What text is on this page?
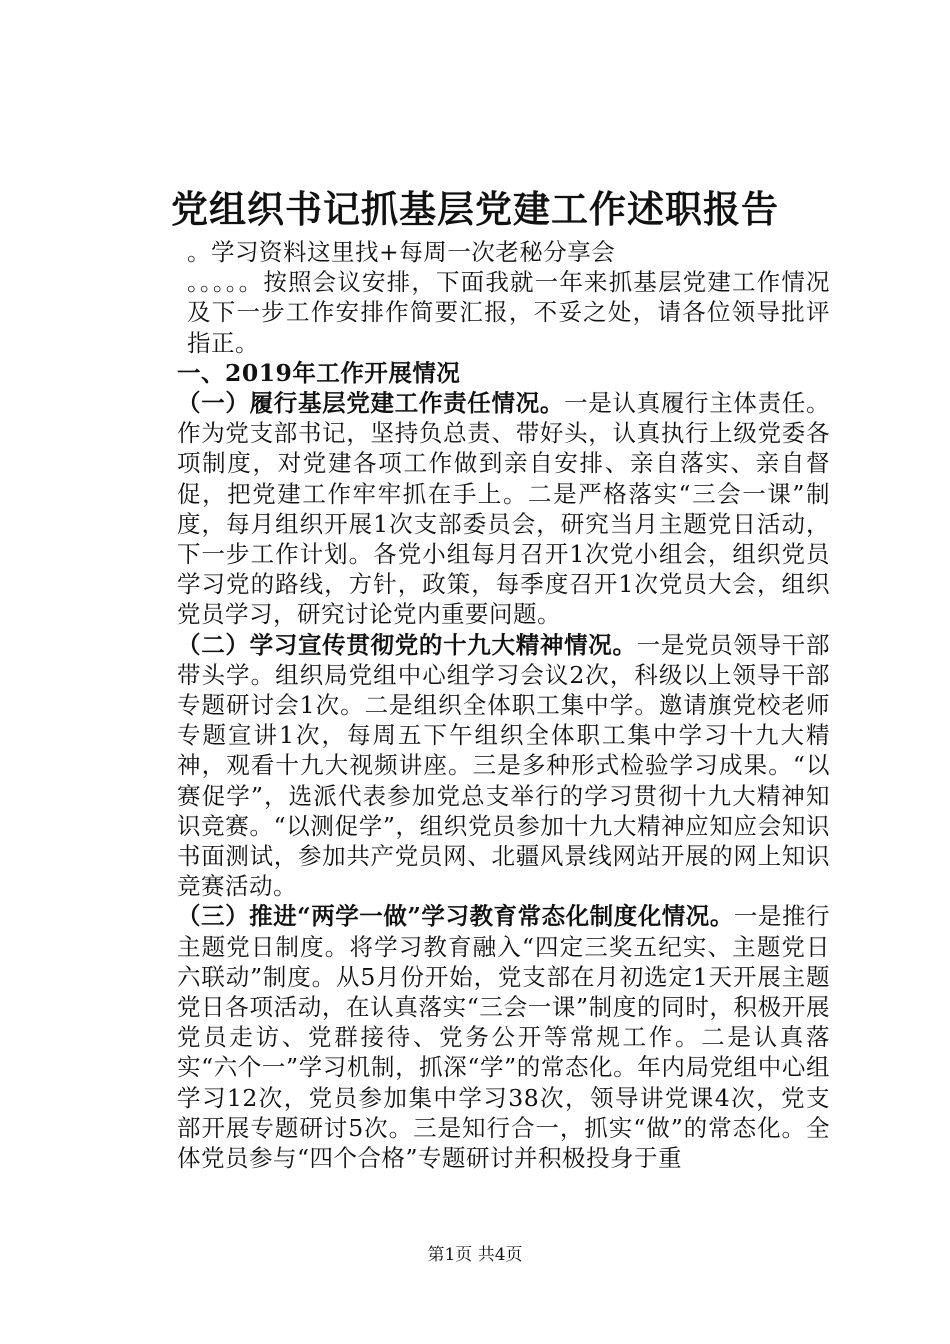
党组织书记抓基层党建工作述职报告

。学习资料这里找+每周一次老秘分享会

。。。。。按照会议安排，下面我就一年来抓基层党建工作情况及下一步工作安排作简要汇报，不妥之处，请各位领导批评指正。

一、2019年工作开展情况

（一）履行基层党建工作责任情况。一是认真履行主体责任。作为党支部书记，坚持负总责、带好头，认真执行上级党委各项制度，对党建各项工作做到亲自安排、亲自落实、亲自督促，把党建工作牢牢抓在手上。二是严格落实“三会一课”制度，每月组织开展1次支部委员会，研究当月主题党日活动，下一步工作计划。各党小组每月召开1次党小组会，组织党员学习党的路线，方针，政策，每季度召开1次党员大会，组织党员学习，研究讨论党内重要问题。

（二）学习宣传贯彻党的十九大精神情况。一是党员领导干部带头学。组织局党组中心组学习会议2次，科级以上领导干部专题研讨会1次。二是组织全体职工集中学。邀请旗党校老师专题宣讲1次，每周五下午组织全体职工集中学习十九大精神，观看十九大视频讲座。三是多种形式检验学习成果。“以赛促学”，选派代表参加党总支举行的学习贯彻十九大精神知识竞赛。“以测促学”，组织党员参加十九大精神应知应会知识书面测试，参加共产党员网、北疆风景线网站开展的网上知识竞赛活动。

（三）推进“两学一做”学习教育常态化制度化情况。一是推行主题党日制度。将学习教育融入“四定三奖五纪实、主题党日六联动”制度。从5月份开始，党支部在月初选定1天开展主题党日各项活动，在认真落实“三会一课”制度的同时，积极开展党员走访、党群接待、党务公开等常规工作。二是认真落实“六个一”学习机制，抓深“学”的常态化。年内局党组中心组学习12次，党员参加集中学习38次，领导讲党课4次，党支部开展专题研讨5次。三是知行合一，抓实“做”的常态化。全体党员参与“四个合格”专题研讨并积极投身于重

第1页 共4页
